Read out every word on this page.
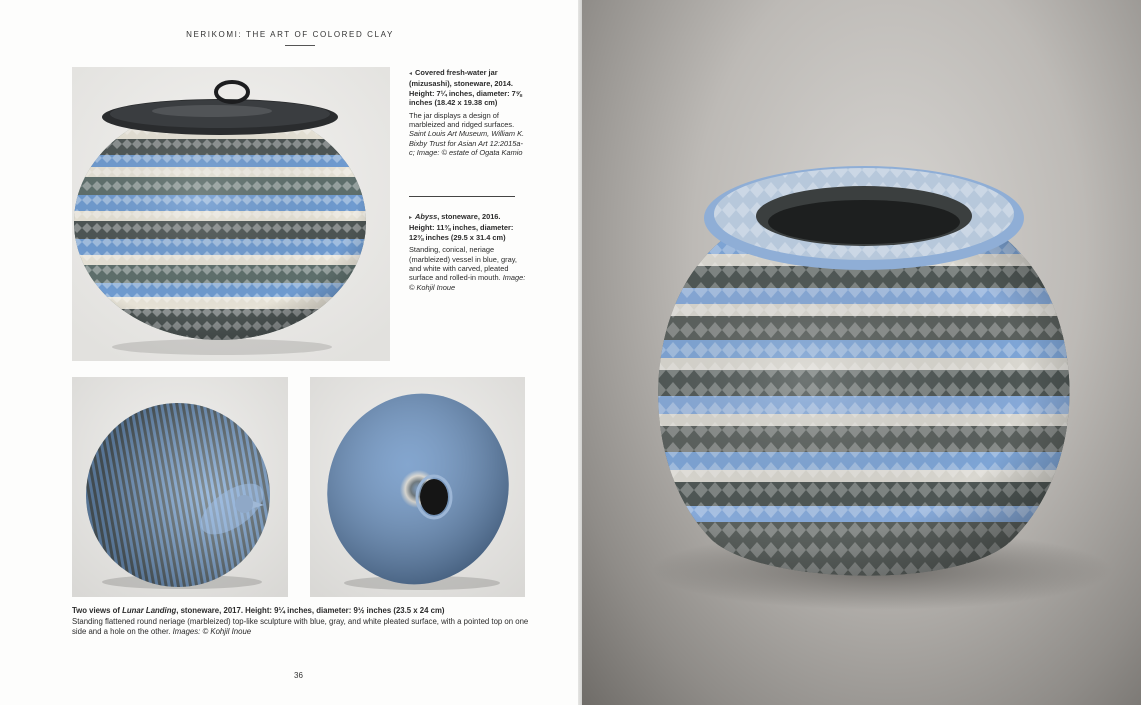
NERIKOMI: THE ART OF COLORED CLAY
◂ Covered fresh-water jar (mizusashi), stoneware, 2014. Height: 7¼ inches, diameter: 7⅝ inches (18.42 x 19.38 cm)
The jar displays a design of marbleized and ridged surfaces. Saint Louis Art Museum, William K. Bixby Trust for Asian Art 12:2015a-c; Image: © estate of Ogata Kamio
▸ Abyss, stoneware, 2016. Height: 11⅜ inches, diameter: 12⅜ inches (29.5 x 31.4 cm)
Standing, conical, neriage (marbleized) vessel in blue, gray, and white with carved, pleated surface and rolled-in mouth. Image: © Kohjil Inoue
Two views of Lunar Landing, stoneware, 2017. Height: 9¼ inches, diameter: 9½ inches (23.5 x 24 cm)
Standing flattened round neriage (marbleized) top-like sculpture with blue, gray, and white pleated surface, with a pointed top on one side and a hole on the other. Images: © Kohjil Inoue
36
